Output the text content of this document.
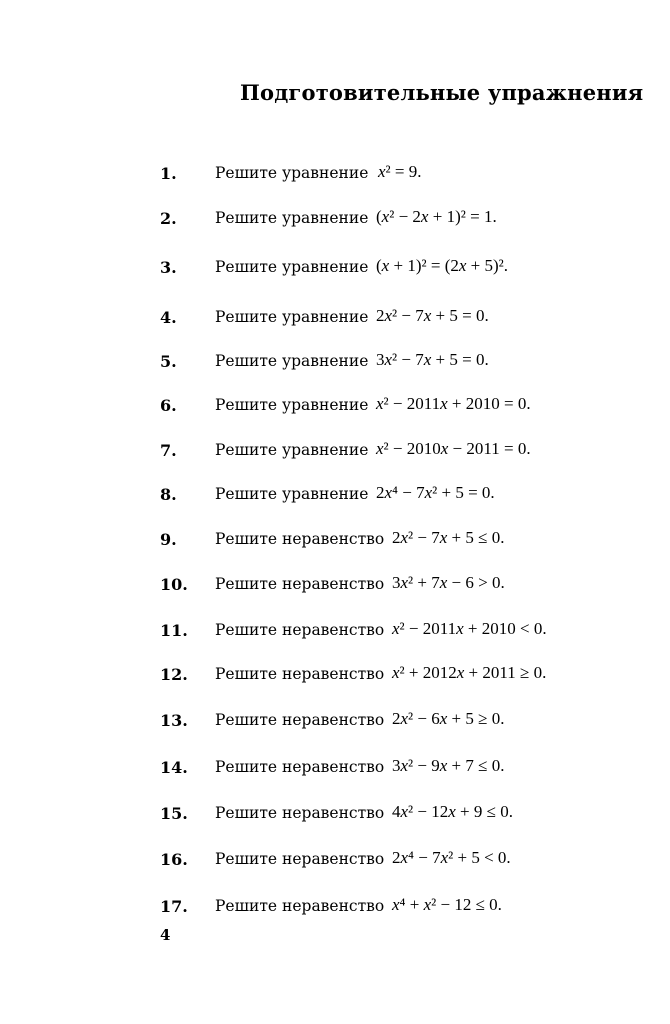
Подготовительные упражнения
1. Решите уравнение x² = 9.
2. Решите уравнение (x² − 2x + 1)² = 1.
3. Решите уравнение (x + 1)² = (2x + 5)².
4. Решите уравнение 2x² − 7x + 5 = 0.
5. Решите уравнение 3x² − 7x + 5 = 0.
6. Решите уравнение x² − 2011x + 2010 = 0.
7. Решите уравнение x² − 2010x − 2011 = 0.
8. Решите уравнение 2x⁴ − 7x² + 5 = 0.
9. Решите неравенство 2x² − 7x + 5 ≤ 0.
10. Решите неравенство 3x² + 7x − 6 > 0.
11. Решите неравенство x² − 2011x + 2010 < 0.
12. Решите неравенство x² + 2012x + 2011 ≥ 0.
13. Решите неравенство 2x² − 6x + 5 ≥ 0.
14. Решите неравенство 3x² − 9x + 7 ≤ 0.
15. Решите неравенство 4x² − 12x + 9 ≤ 0.
16. Решите неравенство 2x⁴ − 7x² + 5 < 0.
17. Решите неравенство x⁴ + x² − 12 ≤ 0.
4
